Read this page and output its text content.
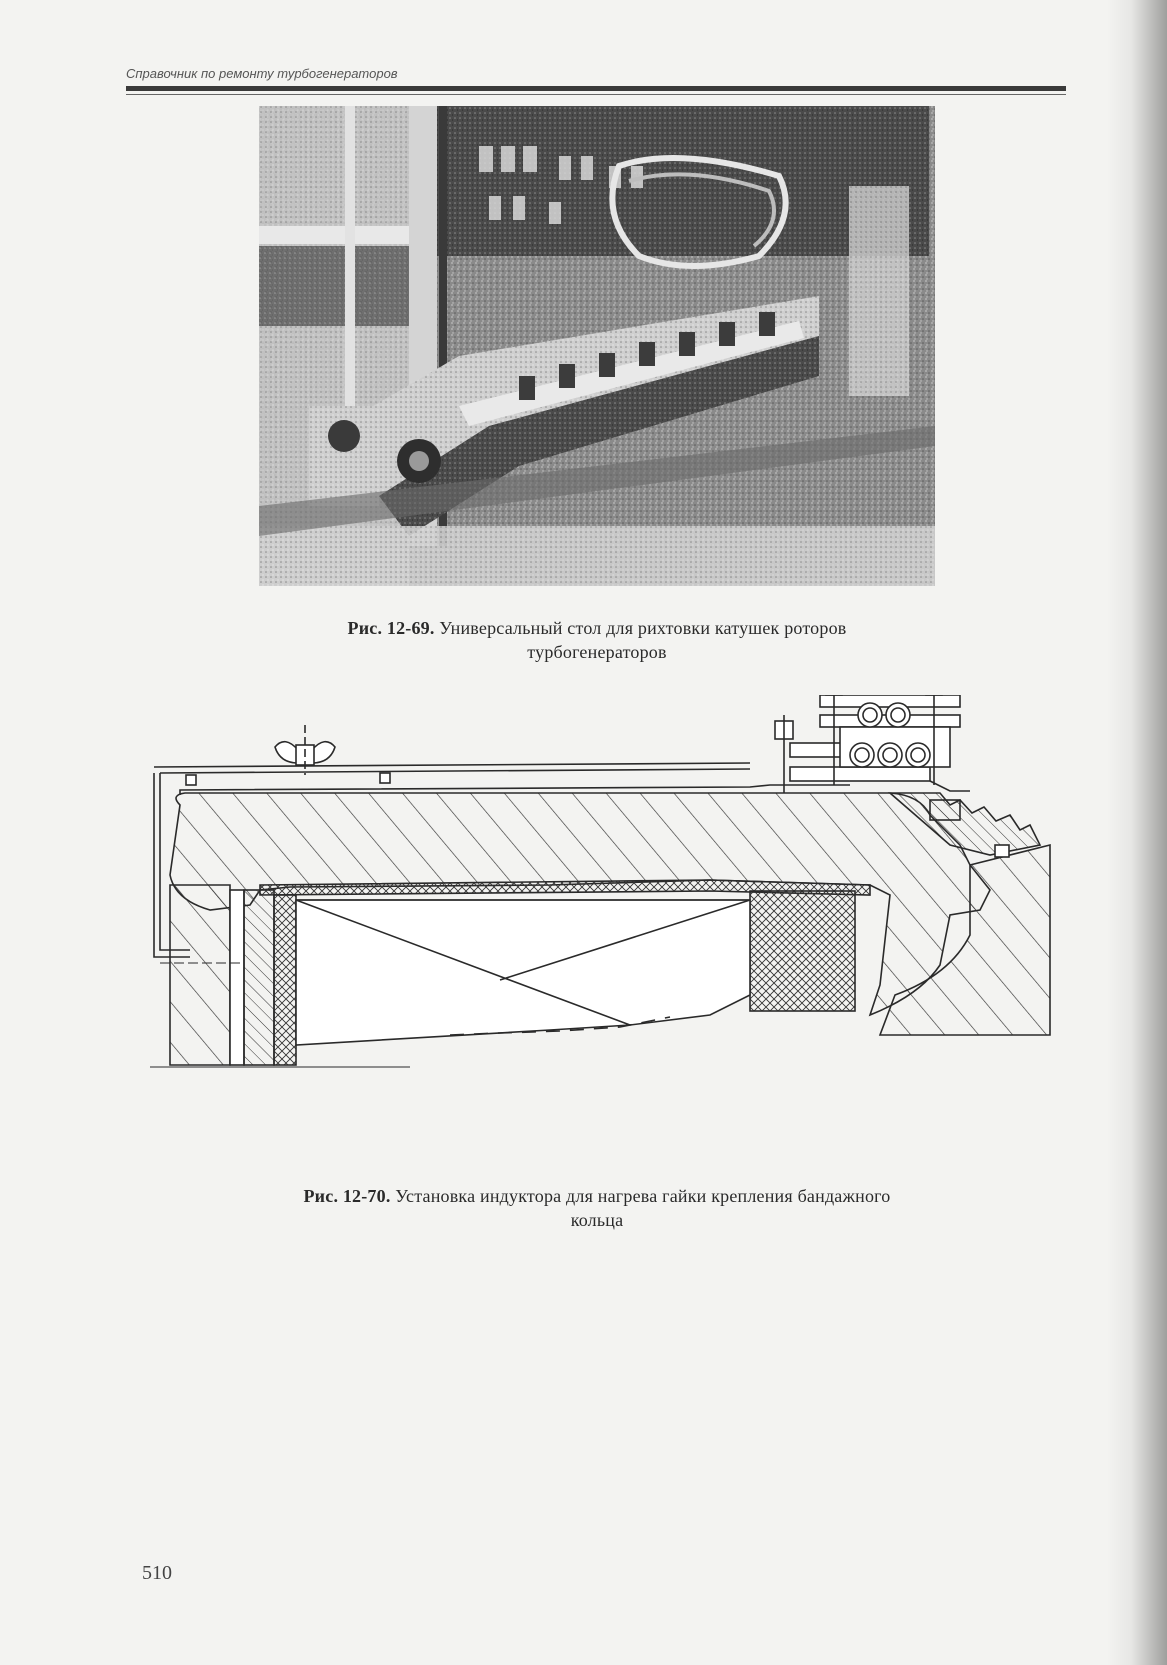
Справочник по ремонту турбогенераторов
Рис. 12-69. Универсальный стол для рихтовки катушек роторов
турбогенераторов
Рис. 12-70. Установка индуктора для нагрева гайки крепления бандажного
кольца
510
